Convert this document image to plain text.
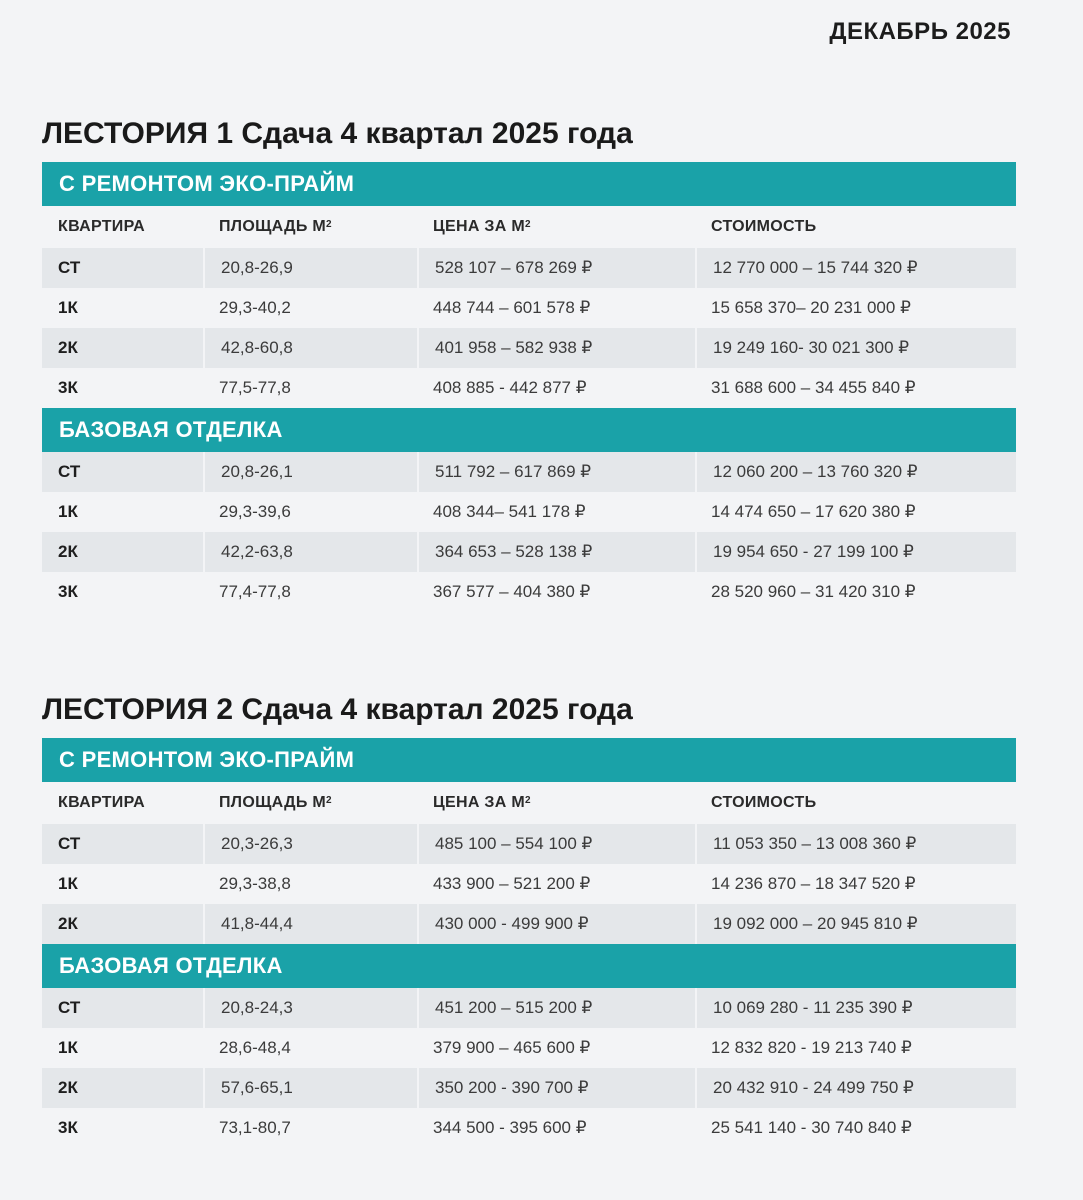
ДЕКАБРЬ 2025
ЛЕСТОРИЯ 1 Сдача 4 квартал 2025 года
С РЕМОНТОМ ЭКО-ПРАЙМ
КВАРТИРА	ПЛОЩАДЬ $М^2$	ЦЕНА ЗА $М^2$	СТОИМОСТЬ
СТ	20,8-26,9	528 107 – 678 269 ₽	12 770 000 – 15 744 320 ₽
1К	29,3-40,2	448 744 – 601 578 ₽	15 658 370– 20 231 000 ₽
2К	42,8-60,8	401 958 – 582 938 ₽	19 249 160- 30 021 300 ₽
3К	77,5-77,8	408 885 - 442 877 ₽	31 688 600 – 34 455 840 ₽
БАЗОВАЯ ОТДЕЛКА
СТ	20,8-26,1	511 792 – 617 869 ₽	12 060 200 – 13 760 320 ₽
1К	29,3-39,6	408 344– 541 178 ₽	14 474 650 – 17 620 380 ₽
2К	42,2-63,8	364 653 – 528 138 ₽	19 954 650 - 27 199 100 ₽
3К	77,4-77,8	367 577 – 404 380 ₽	28 520 960 – 31 420 310 ₽
ЛЕСТОРИЯ 2 Сдача 4 квартал 2025 года
С РЕМОНТОМ ЭКО-ПРАЙМ
КВАРТИРА	ПЛОЩАДЬ $М^2$	ЦЕНА ЗА $М^2$	СТОИМОСТЬ
СТ	20,3-26,3	485 100 – 554 100 ₽	11 053 350 – 13 008 360 ₽
1К	29,3-38,8	433 900 – 521 200 ₽	14 236 870 – 18 347 520 ₽
2К	41,8-44,4	430 000 - 499 900 ₽	19 092 000 – 20 945 810 ₽
БАЗОВАЯ ОТДЕЛКА
СТ	20,8-24,3	451 200 – 515 200 ₽	10 069 280 - 11 235 390 ₽
1К	28,6-48,4	379 900 – 465 600 ₽	12 832 820 - 19 213 740 ₽
2К	57,6-65,1	350 200 - 390 700 ₽	20 432 910 - 24 499 750 ₽
3К	73,1-80,7	344 500 - 395 600 ₽	25 541 140 - 30 740 840 ₽
